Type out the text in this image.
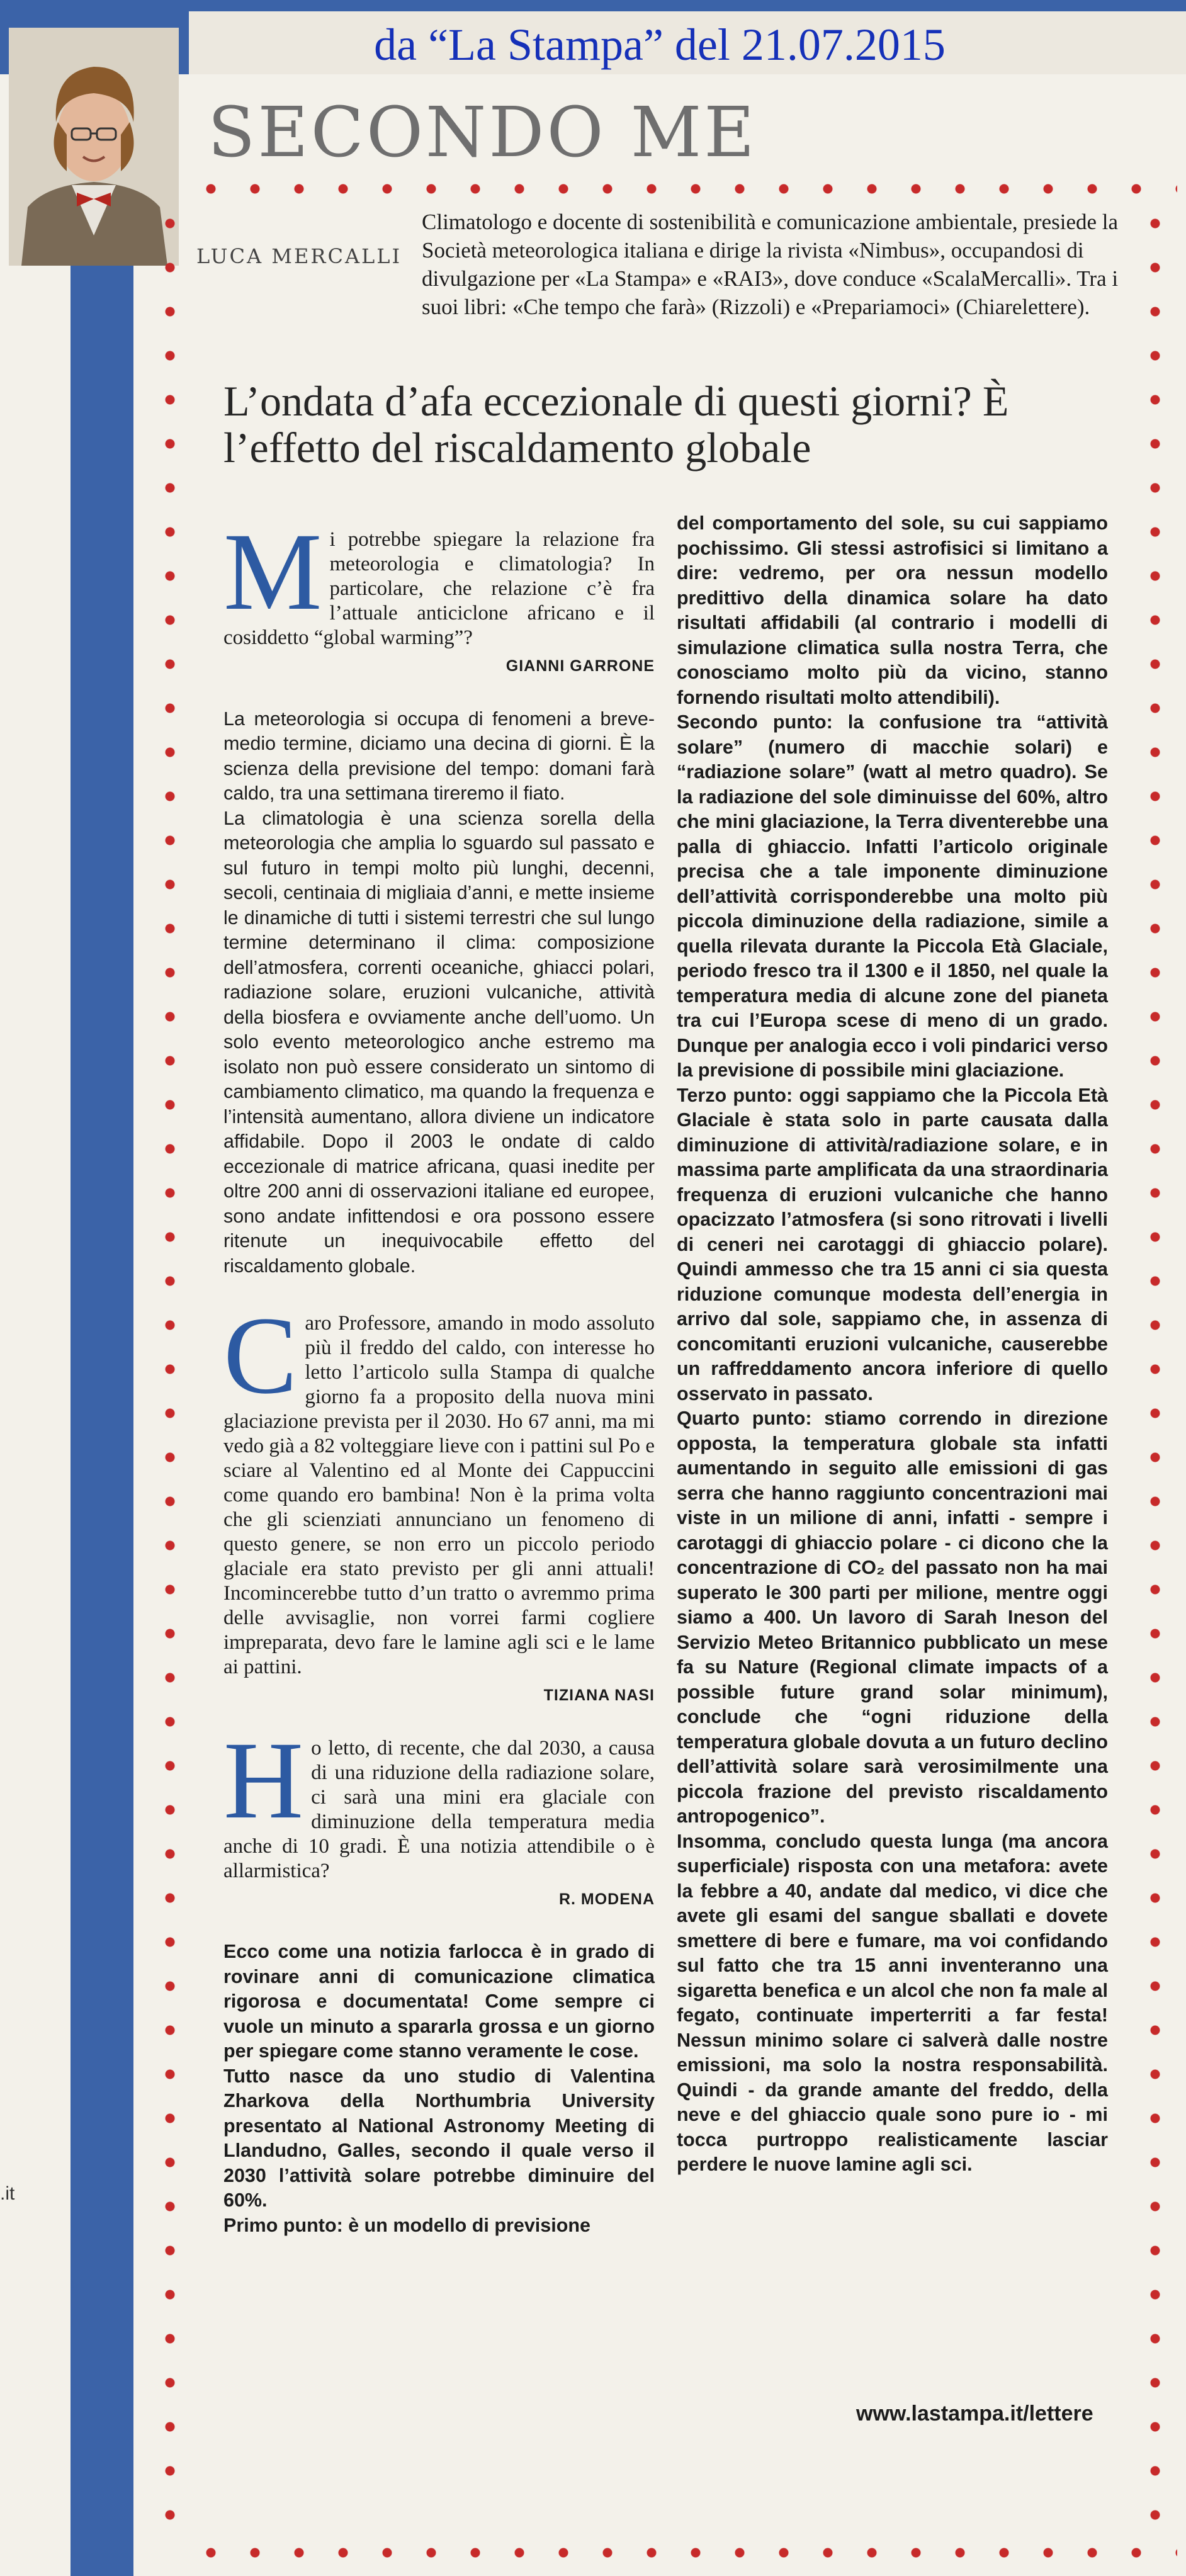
da “La Stampa” del 21.07.2015
SECONDO ME
LUCA MERCALLI
Climatologo e docente di sostenibilità e comunicazione ambientale, presiede la Società meteorologica italiana e dirige la rivista «Nimbus», occupandosi di divulgazione per «La Stampa» e «RAI3», dove conduce «ScalaMercalli». Tra i suoi libri: «Che tempo che farà» (Rizzoli) e «Prepariamoci» (Chiarelettere).
L’ondata d’afa eccezionale di questi giorni? È l’effetto del riscaldamento globale

Mi potrebbe spiegare la relazione fra meteorologia e climatologia? In particolare, che relazione c’è fra l’attuale anticiclone africano e il cosiddetto “global warming”?

GIANNI GARRONE

La meteorologia si occupa di fenomeni a breve-medio termine, diciamo una decina di giorni. È la scienza della previsione del tempo: domani farà caldo, tra una settimana tireremo il fiato.

La climatologia è una scienza sorella della meteorologia che amplia lo sguardo sul passato e sul futuro in tempi molto più lunghi, decenni, secoli, centinaia di migliaia d’anni, e mette insieme le dinamiche di tutti i sistemi terrestri che sul lungo termine determinano il clima: composizione dell’atmosfera, correnti oceaniche, ghiacci polari, radiazione solare, eruzioni vulcaniche, attività della biosfera e ovviamente anche dell’uomo. Un solo evento meteorologico anche estremo ma isolato non può essere considerato un sintomo di cambiamento climatico, ma quando la frequenza e l’intensità aumentano, allora diviene un indicatore affidabile. Dopo il 2003 le ondate di caldo eccezionale di matrice africana, quasi inedite per oltre 200 anni di osservazioni italiane ed europee, sono andate infittendosi e ora possono essere ritenute un inequivocabile effetto del riscaldamento globale.

Caro Professore, amando in modo assoluto più il freddo del caldo, con interesse ho letto l’articolo sulla Stampa di qualche giorno fa a proposito della nuova mini glaciazione prevista per il 2030. Ho 67 anni, ma mi vedo già a 82 volteggiare lieve con i pattini sul Po e sciare al Valentino ed al Monte dei Cappuccini come quando ero bambina! Non è la prima volta che gli scienziati annunciano un fenomeno di questo genere, se non erro un piccolo periodo glaciale era stato previsto per gli anni attuali! Incomincerebbe tutto d’un tratto o avremmo prima delle avvisaglie, non vorrei farmi cogliere impreparata, devo fare le lamine agli sci e le lame ai pattini.

TIZIANA NASI

Ho letto, di recente, che dal 2030, a causa di una riduzione della radiazione solare, ci sarà una mini era glaciale con diminuzione della temperatura media anche di 10 gradi. È una notizia attendibile o è allarmistica?

R. MODENA

Ecco come una notizia farlocca è in grado di rovinare anni di comunicazione climatica rigorosa e documentata! Come sempre ci vuole un minuto a spararla grossa e un giorno per spiegare come stanno veramente le cose.

Tutto nasce da uno studio di Valentina Zharkova della Northumbria University presentato al National Astronomy Meeting di Llandudno, Galles, secondo il quale verso il 2030 l’attività solare potrebbe diminuire del 60%.

Primo punto: è un modello di previsione

del comportamento del sole, su cui sappiamo pochissimo. Gli stessi astrofisici si limitano a dire: vedremo, per ora nessun modello predittivo della dinamica solare ha dato risultati affidabili (al contrario i modelli di simulazione climatica sulla nostra Terra, che conosciamo molto più da vicino, stanno fornendo risultati molto attendibili).

Secondo punto: la confusione tra “attività solare” (numero di macchie solari) e “radiazione solare” (watt al metro quadro). Se la radiazione del sole diminuisse del 60%, altro che mini glaciazione, la Terra diventerebbe una palla di ghiaccio. Infatti l’articolo originale precisa che a tale imponente diminuzione dell’attività corrisponderebbe una molto più piccola diminuzione della radiazione, simile a quella rilevata durante la Piccola Età Glaciale, periodo fresco tra il 1300 e il 1850, nel quale la temperatura media di alcune zone del pianeta tra cui l’Europa scese di meno di un grado. Dunque per analogia ecco i voli pindarici verso la previsione di possibile mini glaciazione.

Terzo punto: oggi sappiamo che la Piccola Età Glaciale è stata solo in parte causata dalla diminuzione di attività/radiazione solare, e in massima parte amplificata da una straordinaria frequenza di eruzioni vulcaniche che hanno opacizzato l’atmosfera (si sono ritrovati i livelli di ceneri nei carotaggi di ghiaccio polare). Quindi ammesso che tra 15 anni ci sia questa riduzione comunque modesta dell’energia in arrivo dal sole, sappiamo che, in assenza di concomitanti eruzioni vulcaniche, causerebbe un raffreddamento ancora inferiore di quello osservato in passato.

Quarto punto: stiamo correndo in direzione opposta, la temperatura globale sta infatti aumentando in seguito alle emissioni di gas serra che hanno raggiunto concentrazioni mai viste in un milione di anni, infatti - sempre i carotaggi di ghiaccio polare - ci dicono che la concentrazione di CO₂ del passato non ha mai superato le 300 parti per milione, mentre oggi siamo a 400. Un lavoro di Sarah Ineson del Servizio Meteo Britannico pubblicato un mese fa su Nature (Regional climate impacts of a possible future grand solar minimum), conclude che “ogni riduzione della temperatura globale dovuta a un futuro declino dell’attività solare sarà verosimilmente una piccola frazione del previsto riscaldamento antropogenico”.

Insomma, concludo questa lunga (ma ancora superficiale) risposta con una metafora: avete la febbre a 40, andate dal medico, vi dice che avete gli esami del sangue sballati e dovete smettere di bere e fumare, ma voi confidando sul fatto che tra 15 anni inventeranno una sigaretta benefica e un alcol che non fa male al fegato, continuate imperterriti a far festa! Nessun minimo solare ci salverà dalle nostre emissioni, ma solo la nostra responsabilità. Quindi - da grande amante del freddo, della neve e del ghiaccio quale sono pure io - mi tocca purtroppo realisticamente lasciar perdere le nuove lamine agli sci.

www.lastampa.it/lettere
.it
